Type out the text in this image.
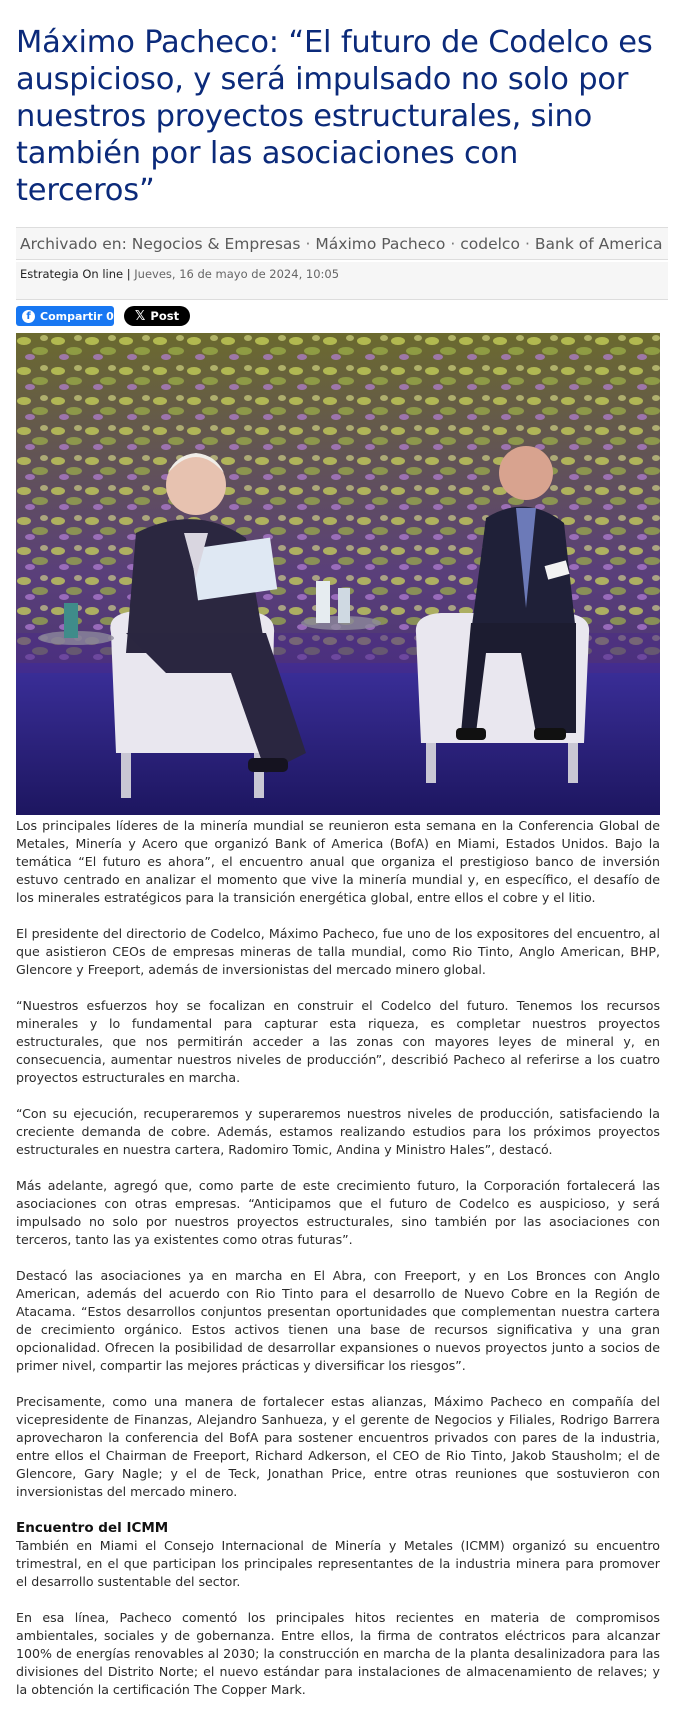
Máximo Pacheco: “El futuro de Codelco es auspicioso, y será impulsado no solo por nuestros proyectos estructurales, sino también por las asociaciones con terceros”
Archivado en: Negocios & Empresas · Máximo Pacheco · codelco · Bank of America
Estrategia On line | Jueves, 16 de mayo de 2024, 10:05
f Compartir 0 𝕏 Post

Los principales líderes de la minería mundial se reunieron esta semana en la Conferencia Global de Metales, Minería y Acero que organizó Bank of America (BofA) en Miami, Estados Unidos. Bajo la temática “El futuro es ahora”, el encuentro anual que organiza el prestigioso banco de inversión estuvo centrado en analizar el momento que vive la minería mundial y, en específico, el desafío de los minerales estratégicos para la transición energética global, entre ellos el cobre y el litio.

El presidente del directorio de Codelco, Máximo Pacheco, fue uno de los expositores del encuentro, al que asistieron CEOs de empresas mineras de talla mundial, como Rio Tinto, Anglo American, BHP, Glencore y Freeport, además de inversionistas del mercado minero global.

“Nuestros esfuerzos hoy se focalizan en construir el Codelco del futuro. Tenemos los recursos minerales y lo fundamental para capturar esta riqueza, es completar nuestros proyectos estructurales, que nos permitirán acceder a las zonas con mayores leyes de mineral y, en consecuencia, aumentar nuestros niveles de producción”, describió Pacheco al referirse a los cuatro proyectos estructurales en marcha.

“Con su ejecución, recuperaremos y superaremos nuestros niveles de producción, satisfaciendo la creciente demanda de cobre. Además, estamos realizando estudios para los próximos proyectos estructurales en nuestra cartera, Radomiro Tomic, Andina y Ministro Hales”, destacó.

Más adelante, agregó que, como parte de este crecimiento futuro, la Corporación fortalecerá las asociaciones con otras empresas. “Anticipamos que el futuro de Codelco es auspicioso, y será impulsado no solo por nuestros proyectos estructurales, sino también por las asociaciones con terceros, tanto las ya existentes como otras futuras”.

Destacó las asociaciones ya en marcha en El Abra, con Freeport, y en Los Bronces con Anglo American, además del acuerdo con Rio Tinto para el desarrollo de Nuevo Cobre en la Región de Atacama. “Estos desarrollos conjuntos presentan oportunidades que complementan nuestra cartera de crecimiento orgánico. Estos activos tienen una base de recursos significativa y una gran opcionalidad. Ofrecen la posibilidad de desarrollar expansiones o nuevos proyectos junto a socios de primer nivel, compartir las mejores prácticas y diversificar los riesgos”.

Precisamente, como una manera de fortalecer estas alianzas, Máximo Pacheco en compañía del vicepresidente de Finanzas, Alejandro Sanhueza, y el gerente de Negocios y Filiales, Rodrigo Barrera aprovecharon la conferencia del BofA para sostener encuentros privados con pares de la industria, entre ellos el Chairman de Freeport, Richard Adkerson, el CEO de Rio Tinto, Jakob Stausholm; el de Glencore, Gary Nagle; y el de Teck, Jonathan Price, entre otras reuniones que sostuvieron con inversionistas del mercado minero.

Encuentro del ICMM

También en Miami el Consejo Internacional de Minería y Metales (ICMM) organizó su encuentro trimestral, en el que participan los principales representantes de la industria minera para promover el desarrollo sustentable del sector.

En esa línea, Pacheco comentó los principales hitos recientes en materia de compromisos ambientales, sociales y de gobernanza. Entre ellos, la firma de contratos eléctricos para alcanzar 100% de energías renovables al 2030; la construcción en marcha de la planta desalinizadora para las divisiones del Distrito Norte; el nuevo estándar para instalaciones de almacenamiento de relaves; y la obtención la certificación The Copper Mark.
